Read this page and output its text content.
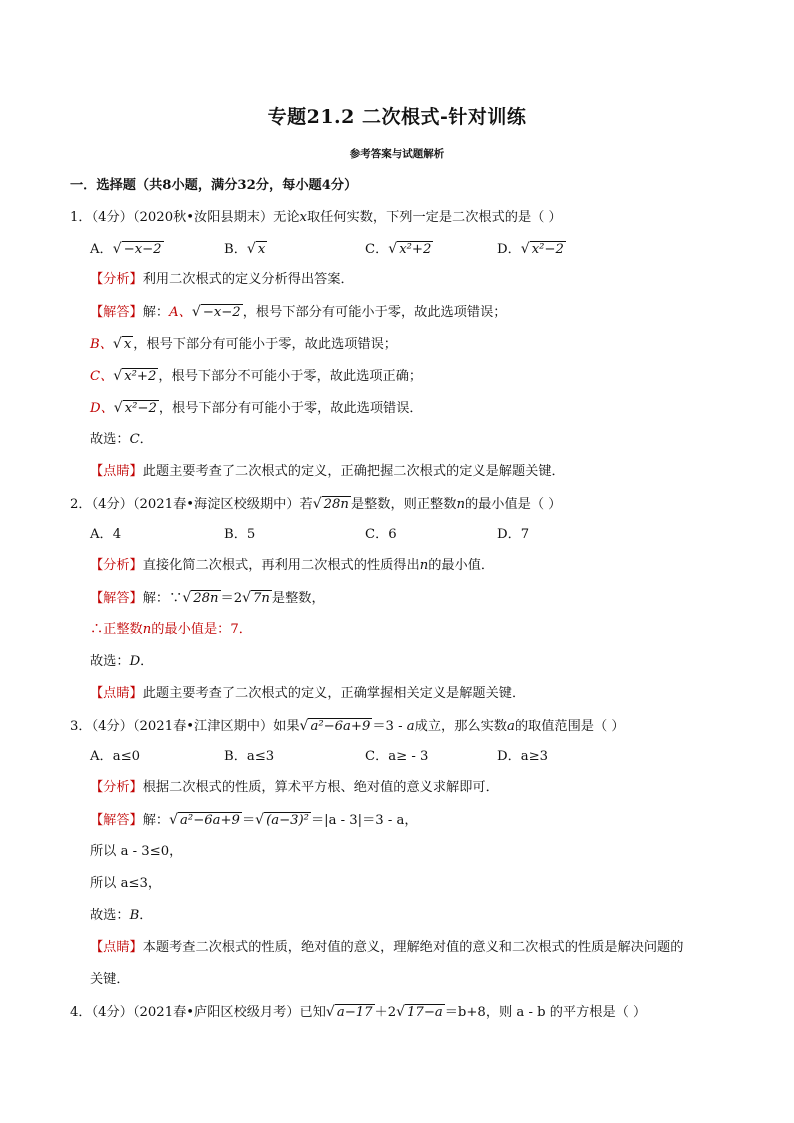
专题21.2 二次根式-针对训练
参考答案与试题解析
一．选择题（共8小题，满分32分，每小题4分）
1．（4分）（2020秋•汝阳县期末）无论x取任何实数，下列一定是二次根式的是（ ）
A．√ −x−2	B．√ x	C．√ x²+2	D．√ x²−2
【分析】利用二次根式的定义分析得出答案．
【解答】解：A、√ −x−2 ，根号下部分有可能小于零，故此选项错误；
B、√ x ，根号下部分有可能小于零，故此选项错误；
C、√ x²+2 ，根号下部分不可能小于零，故此选项正确；
D、√ x²−2 ，根号下部分有可能小于零，故此选项错误．
故选：C．
【点睛】此题主要考查了二次根式的定义，正确把握二次根式的定义是解题关键．
2．（4分）（2021春•海淀区校级期中）若√ 28n 是整数，则正整数n的最小值是（ ）
A．4	B．5	C．6	D．7
【分析】直接化简二次根式，再利用二次根式的性质得出n的最小值．
【解答】解：∵√ 28n ＝2√ 7n 是整数，
∴正整数n的最小值是：7．
故选：D．
【点睛】此题主要考查了二次根式的定义，正确掌握相关定义是解题关键．
3．（4分）（2021春•江津区期中）如果√ a²−6a+9 ＝3 - a成立，那么实数a的取值范围是（ ）
A．a≤0	B．a≤3	C．a≥ - 3	D．a≥3
【分析】根据二次根式的性质，算术平方根、绝对值的意义求解即可．
【解答】解：√ a²−6a+9 ＝√ (a−3)² ＝|a - 3|＝3 - a，
所以 a - 3≤0，
所以 a≤3，
故选：B．
【点睛】本题考查二次根式的性质，绝对值的意义，理解绝对值的意义和二次根式的性质是解决问题的
关键．
4．（4分）（2021春•庐阳区校级月考）已知√ a−17 ＋2√ 17−a ＝b+8，则 a - b 的平方根是（ ）
